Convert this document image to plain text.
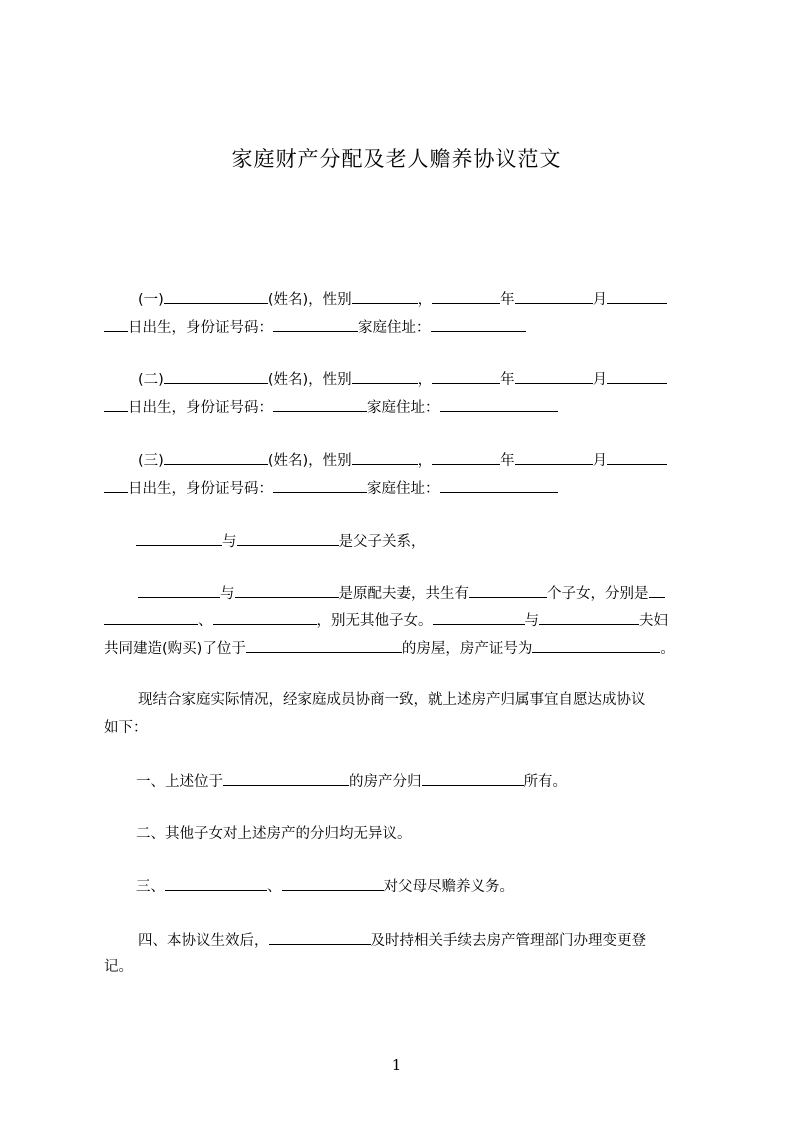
家庭财产分配及老人赡养协议范文
(一)	(姓名)，性别	，	年	月
日出生，身份证号码：	家庭住址：
(二)	(姓名)，性别	，	年	月
日出生，身份证号码：	家庭住址：
(三)	(姓名)，性别	，	年	月
日出生，身份证号码：	家庭住址：
与	是父子关系，
与	是原配夫妻，共生有	个子女，分别是
、	，别无其他子女。	与	夫妇
共同建造(购买)了位于	的房屋，房产证号为	。
现结合家庭实际情况，经家庭成员协商一致，就上述房产归属事宜自愿达成协议
如下：
一、上述位于	的房产分归	所有。
二、其他子女对上述房产的分归均无异议。
三、	、	对父母尽赡养义务。
四、本协议生效后，	及时持相关手续去房产管理部门办理变更登
记。
1
